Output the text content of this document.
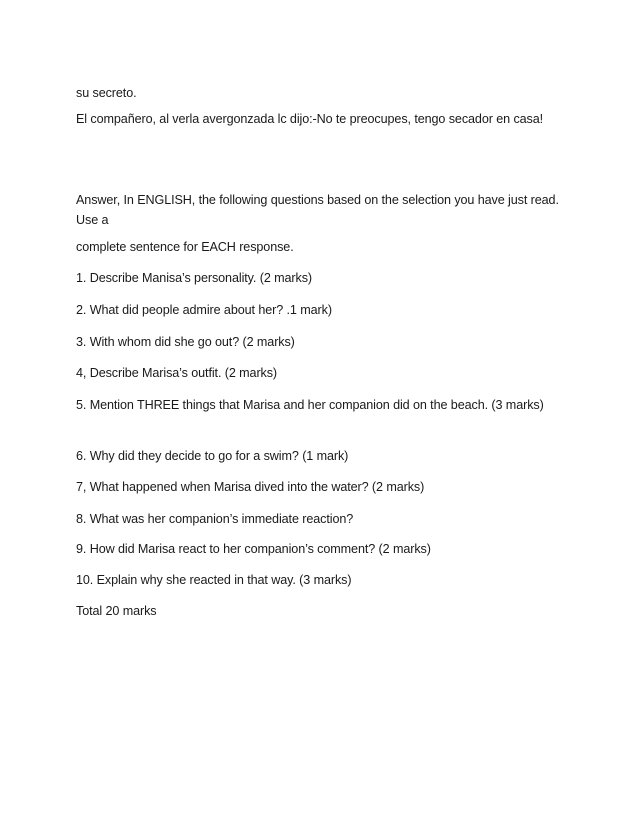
su secreto.
El compañero, al verla avergonzada lc dijo:-No te preocupes, tengo secador en casa!
Answer, In ENGLISH, the following questions based on the selection you have just read. Use a
complete sentence for EACH response.
1. Describe Manisa’s personality. (2 marks)
2. What did people admire about her? .1 mark)
3. With whom did she go out? (2 marks)
4, Describe Marisa’s outfit. (2 marks)
5. Mention THREE things that Marisa and her companion did on the beach. (3 marks)
6. Why did they decide to go for a swim? (1 mark)
7, What happened when Marisa dived into the water? (2 marks)
8. What was her companion’s immediate reaction?
9. How did Marisa react to her companion’s comment? (2 marks)
10. Explain why she reacted in that way. (3 marks)
Total 20 marks
